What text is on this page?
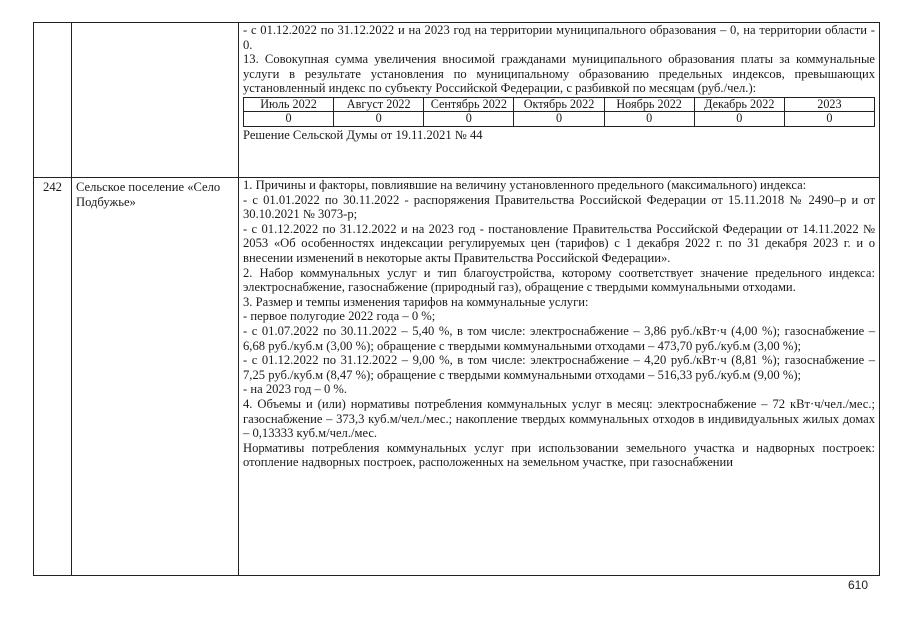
- с 01.12.2022 по 31.12.2022 и на 2023 год на территории муниципального образования – 0, на территории области - 0.

13. Совокупная сумма увеличения вносимой гражданами муниципального образования платы за коммунальные услуги в результате установления по муниципальному образованию предельных индексов, превышающих установленный индекс по субъекту Российской Федерации, с разбивкой по месяцам (руб./чел.):

Июль 2022	Август 2022	Сентябрь 2022	Октябрь 2022	Ноябрь 2022	Декабрь 2022	2023
0	0	0	0	0	0	0

Решение Сельской Думы от 19.11.2021 № 44

242	Сельское поселение «Село Подбужье»	

1. Причины и факторы, повлиявшие на величину установленного предельного (максимального) индекса:

- с 01.01.2022 по 30.11.2022 - распоряжения Правительства Российской Федерации от 15.11.2018 № 2490–р и от 30.10.2021 № 3073-р;

- с 01.12.2022 по 31.12.2022 и на 2023 год - постановление Правительства Российской Федерации от 14.11.2022 № 2053 «Об особенностях индексации регулируемых цен (тарифов) с 1 декабря 2022 г. по 31 декабря 2023 г. и о внесении изменений в некоторые акты Правительства Российской Федерации».

2. Набор коммунальных услуг и тип благоустройства, которому соответствует значение предельного индекса: электроснабжение, газоснабжение (природный газ), обращение с твердыми коммунальными отходами.

3. Размер и темпы изменения тарифов на коммунальные услуги:

- первое полугодие 2022 года – 0 %;

- с 01.07.2022 по 30.11.2022 – 5,40 %, в том числе: электроснабжение – 3,86 руб./кВт·ч (4,00 %); газоснабжение – 6,68 руб./куб.м (3,00 %); обращение с твердыми коммунальными отходами – 473,70 руб./куб.м (3,00 %);

- с 01.12.2022 по 31.12.2022 – 9,00 %, в том числе: электроснабжение – 4,20 руб./кВт·ч (8,81 %); газоснабжение – 7,25 руб./куб.м (8,47 %); обращение с твердыми коммунальными отходами – 516,33 руб./куб.м (9,00 %);

- на 2023 год – 0 %.

4. Объемы и (или) нормативы потребления коммунальных услуг в месяц: электроснабжение – 72 кВт·ч/чел./мес.; газоснабжение – 373,3 куб.м/чел./мес.; накопление твердых коммунальных отходов в индивидуальных жилых домах – 0,13333 куб.м/чел./мес.

Нормативы потребления коммунальных услуг при использовании земельного участка и надворных построек: отопление надворных построек, расположенных на земельном участке, при газоснабжении

610
